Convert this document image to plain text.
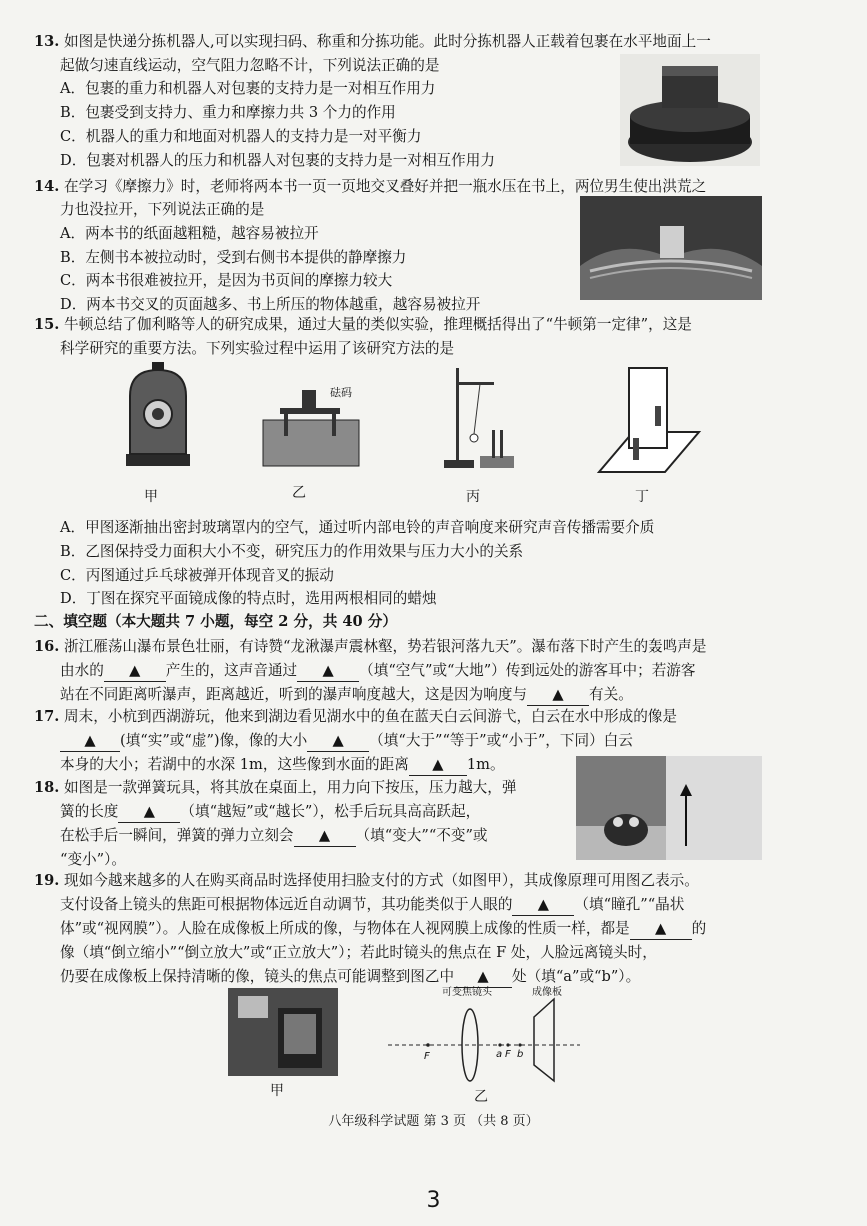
13. 如图是快递分拣机器人,可以实现扫码、称重和分拣功能。此时分拣机器人正载着包裹在水平地面上一
起做匀速直线运动，空气阻力忽略不计，下列说法正确的是
A．包裹的重力和机器人对包裹的支持力是一对相互作用力
B．包裹受到支持力、重力和摩擦力共 3 个力的作用
C．机器人的重力和地面对机器人的支持力是一对平衡力
D．包裹对机器人的压力和机器人对包裹的支持力是一对相互作用力
14. 在学习《摩擦力》时，老师将两本书一页一页地交叉叠好并把一瓶水压在书上，两位男生使出洪荒之
力也没拉开，下列说法正确的是
A．两本书的纸面越粗糙，越容易被拉开
B．左侧书本被拉动时，受到右侧书本提供的静摩擦力
C．两本书很难被拉开，是因为书页间的摩擦力较大
D．两本书交叉的页面越多、书上所压的物体越重，越容易被拉开
15. 牛顿总结了伽利略等人的研究成果，通过大量的类似实验，推理概括得出了“牛顿第一定律”，这是
科学研究的重要方法。下列实验过程中运用了该研究方法的是
砝码
甲	乙	丙	丁
A．甲图逐渐抽出密封玻璃罩内的空气，通过听内部电铃的声音响度来研究声音传播需要介质
B．乙图保持受力面积大小不变，研究压力的作用效果与压力大小的关系
C．丙图通过乒乓球被弹开体现音叉的振动
D．丁图在探究平面镜成像的特点时，选用两根相同的蜡烛
二、填空题（本大题共 7 小题，每空 2 分，共 40 分）
16. 浙江雁荡山瀑布景色壮丽，有诗赞“龙湫瀑声震林壑，势若银河落九天”。瀑布落下时产生的轰鸣声是
由水的 ▲ 产生的，这声音通过 ▲ （填“空气”或“大地”）传到远处的游客耳中；若游客
站在不同距离听瀑声，距离越近，听到的瀑声响度越大，这是因为响度与 ▲ 有关。
17. 周末，小杭到西湖游玩，他来到湖边看见湖水中的鱼在蓝天白云间游弋，白云在水中形成的像是
▲ (填“实”或“虚”)像，像的大小 ▲ （填“大于”“等于”或“小于”，下同）白云
本身的大小；若湖中的水深 1m，这些像到水面的距离 ▲ 1m。
18. 如图是一款弹簧玩具，将其放在桌面上，用力向下按压，压力越大，弹
簧的长度 ▲ （填“越短”或“越长”），松手后玩具高高跃起，
在松手后一瞬间，弹簧的弹力立刻会 ▲ （填“变大”“不变”或
“变小”）。
19. 现如今越来越多的人在购买商品时选择使用扫脸支付的方式（如图甲），其成像原理可用图乙表示。
支付设备上镜头的焦距可根据物体远近自动调节，其功能类似于人眼的 ▲ （填“瞳孔”“晶状
体”或“视网膜”）。人脸在成像板上所成的像，与物体在人视网膜上成像的性质一样，都是 ▲ 的
像（填“倒立缩小”“倒立放大”或“正立放大”）；若此时镜头的焦点在 F 处，人脸远离镜头时，
仍要在成像板上保持清晰的像，镜头的焦点可能调整到图乙中 ▲ 处（填“a”或“b”）。
甲
F	a F b
可变焦镜头	成像板
乙
八年级科学试题 第 3 页 （共 8 页）
3
